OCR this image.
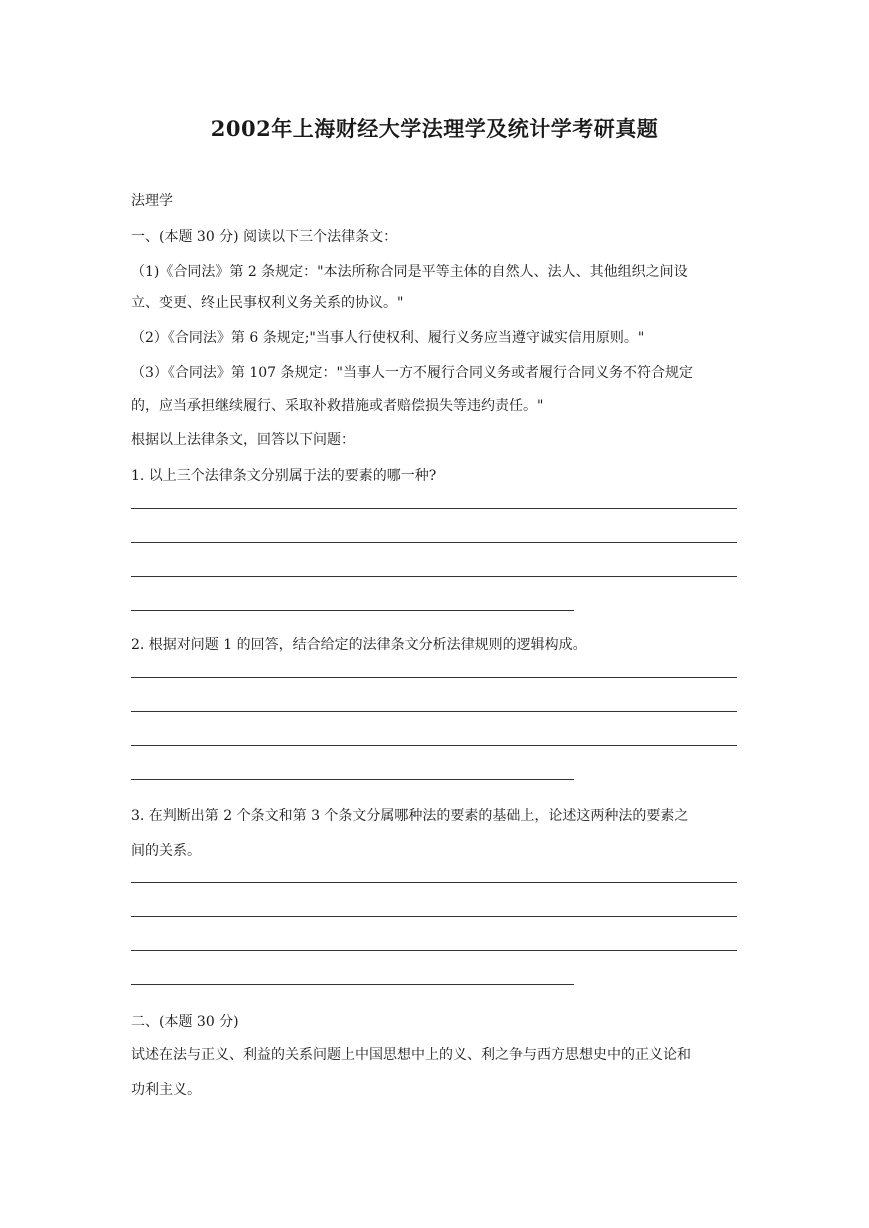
2002年上海财经大学法理学及统计学考研真题
法理学
一、(本题 30 分) 阅读以下三个法律条文：
（1)《合同法》第 2 条规定："本法所称合同是平等主体的自然人、法人、其他组织之间设
立、变更、终止民事权利义务关系的协议。"
（2）《合同法》第 6 条规定;"当事人行使权利、履行义务应当遵守诚实信用原则。"
（3）《合同法》第 107 条规定："当事人一方不履行合同义务或者履行合同义务不符合规定
的，应当承担继续履行、采取补救措施或者赔偿损失等违约责任。"
根据以上法律条文，回答以下问题：
1. 以上三个法律条文分别属于法的要素的哪一种?
2. 根据对问题 1 的回答，结合给定的法律条文分析法律规则的逻辑构成。
3. 在判断出第 2 个条文和第 3 个条文分属哪种法的要素的基础上，论述这两种法的要素之
间的关系。
二、(本题 30 分)
试述在法与正义、利益的关系问题上中国思想中上的义、利之争与西方思想史中的正义论和
功利主义。
